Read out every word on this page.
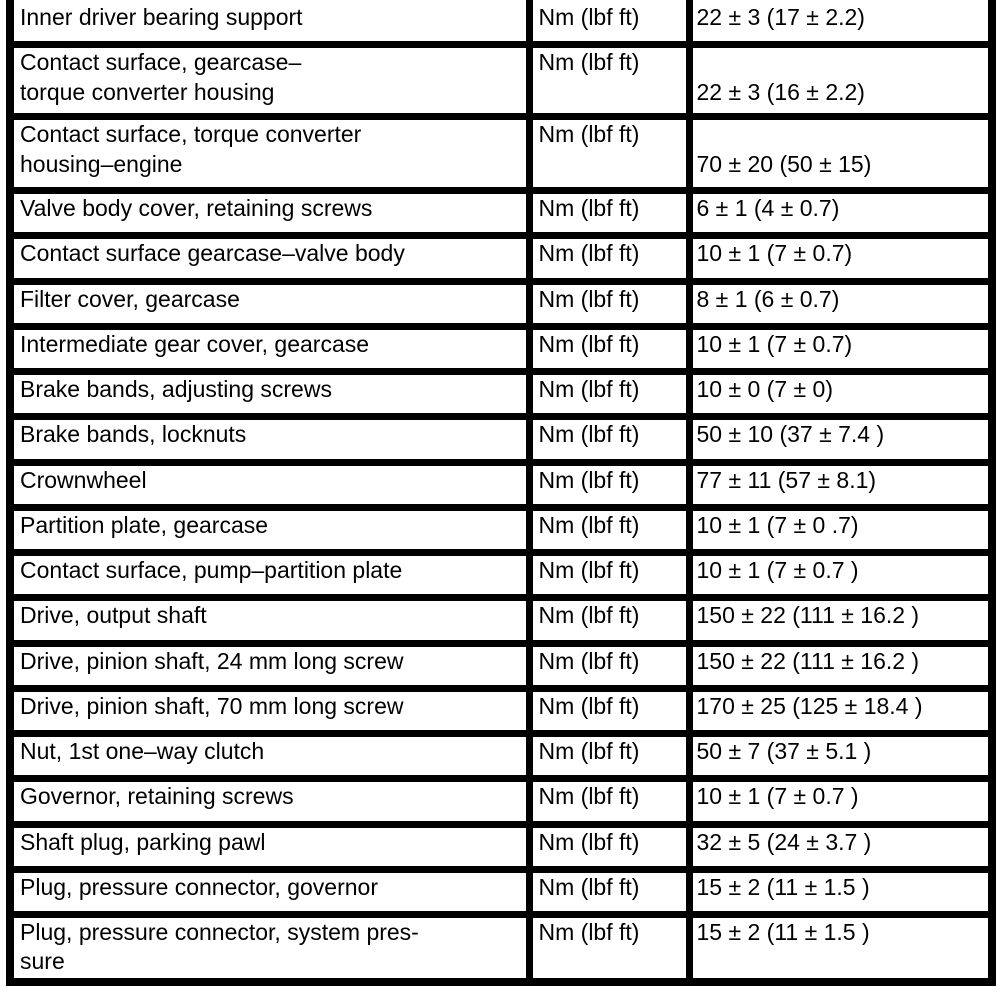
Inner driver bearing support	Nm (lbf ft)	22 ± 3 (17 ± 2.2)

Contact surface, gearcase–
torque converter housing	Nm (lbf ft)	22 ± 3 (16 ± 2.2)

Contact surface, torque converter
housing–engine	Nm (lbf ft)	70 ± 20 (50 ± 15)

Valve body cover, retaining screws	Nm (lbf ft)	6 ± 1 (4 ± 0.7)

Contact surface gearcase–valve body	Nm (lbf ft)	10 ± 1 (7 ± 0.7)

Filter cover, gearcase	Nm (lbf ft)	8 ± 1 (6 ± 0.7)

Intermediate gear cover, gearcase	Nm (lbf ft)	10 ± 1 (7 ± 0.7)

Brake bands, adjusting screws	Nm (lbf ft)	10 ± 0 (7 ± 0)

Brake bands, locknuts	Nm (lbf ft)	50 ± 10 (37 ± 7.4 )

Crownwheel	Nm (lbf ft)	77 ± 11 (57 ± 8.1)

Partition plate, gearcase	Nm (lbf ft)	10 ± 1 (7 ± 0 .7)

Contact surface, pump–partition plate	Nm (lbf ft)	10 ± 1 (7 ± 0.7 )

Drive, output shaft	Nm (lbf ft)	150 ± 22 (111 ± 16.2 )

Drive, pinion shaft, 24 mm long screw	Nm (lbf ft)	150 ± 22 (111 ± 16.2 )

Drive, pinion shaft, 70 mm long screw	Nm (lbf ft)	170 ± 25 (125 ± 18.4 )

Nut, 1st one–way clutch	Nm (lbf ft)	50 ± 7 (37 ± 5.1 )

Governor, retaining screws	Nm (lbf ft)	10 ± 1 (7 ± 0.7 )

Shaft plug, parking pawl	Nm (lbf ft)	32 ± 5 (24 ± 3.7 )

Plug, pressure connector, governor	Nm (lbf ft)	15 ± 2 (11 ± 1.5 )

Plug, pressure connector, system pres-
sure	Nm (lbf ft)	15 ± 2 (11 ± 1.5 )
